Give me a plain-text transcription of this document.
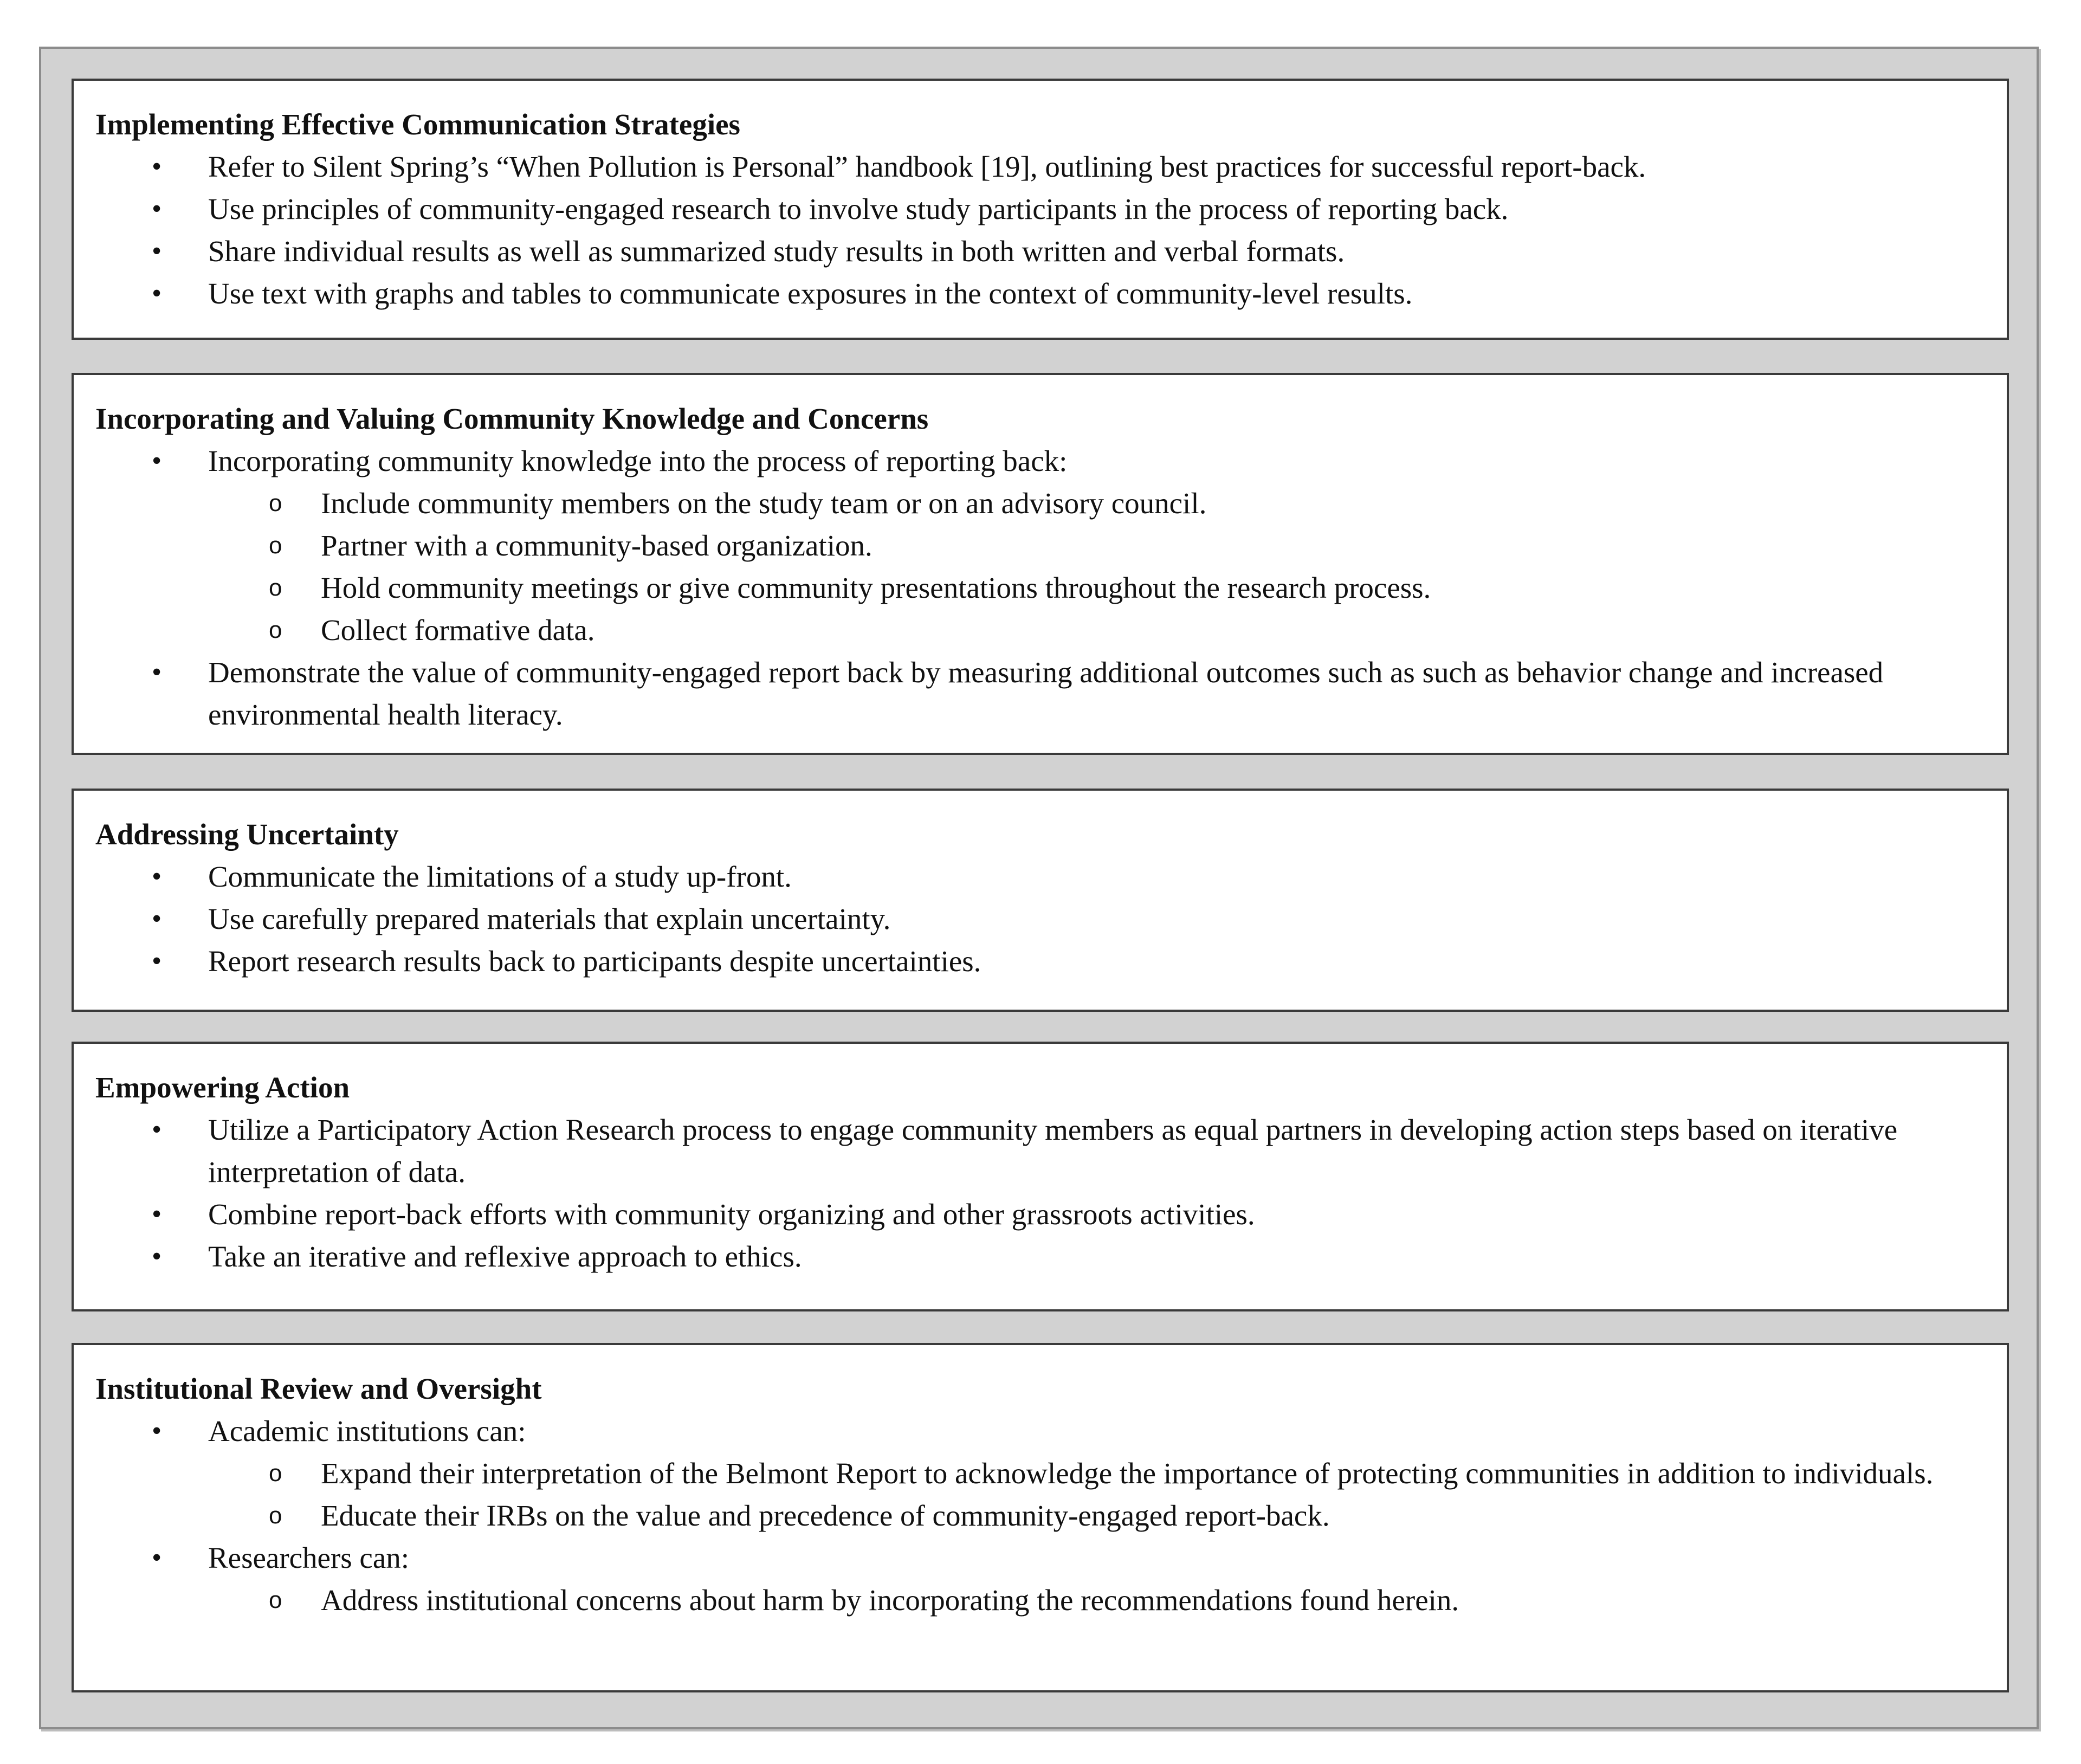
Implementing Effective Communication Strategies
• Refer to Silent Spring’s “When Pollution is Personal” handbook [19], outlining best practices for successful report-back.
• Use principles of community-engaged research to involve study participants in the process of reporting back.
• Share individual results as well as summarized study results in both written and verbal formats.
• Use text with graphs and tables to communicate exposures in the context of community-level results.
Incorporating and Valuing Community Knowledge and Concerns
• Incorporating community knowledge into the process of reporting back:
o Include community members on the study team or on an advisory council.
o Partner with a community-based organization.
o Hold community meetings or give community presentations throughout the research process.
o Collect formative data.
• Demonstrate the value of community-engaged report back by measuring additional outcomes such as such as behavior change and increased environmental health literacy.
Addressing Uncertainty
• Communicate the limitations of a study up-front.
• Use carefully prepared materials that explain uncertainty.
• Report research results back to participants despite uncertainties.
Empowering Action
• Utilize a Participatory Action Research process to engage community members as equal partners in developing action steps based on iterative interpretation of data.
• Combine report-back efforts with community organizing and other grassroots activities.
• Take an iterative and reflexive approach to ethics.
Institutional Review and Oversight
• Academic institutions can:
o Expand their interpretation of the Belmont Report to acknowledge the importance of protecting communities in addition to individuals.
o Educate their IRBs on the value and precedence of community-engaged report-back.
• Researchers can:
o Address institutional concerns about harm by incorporating the recommendations found herein.
